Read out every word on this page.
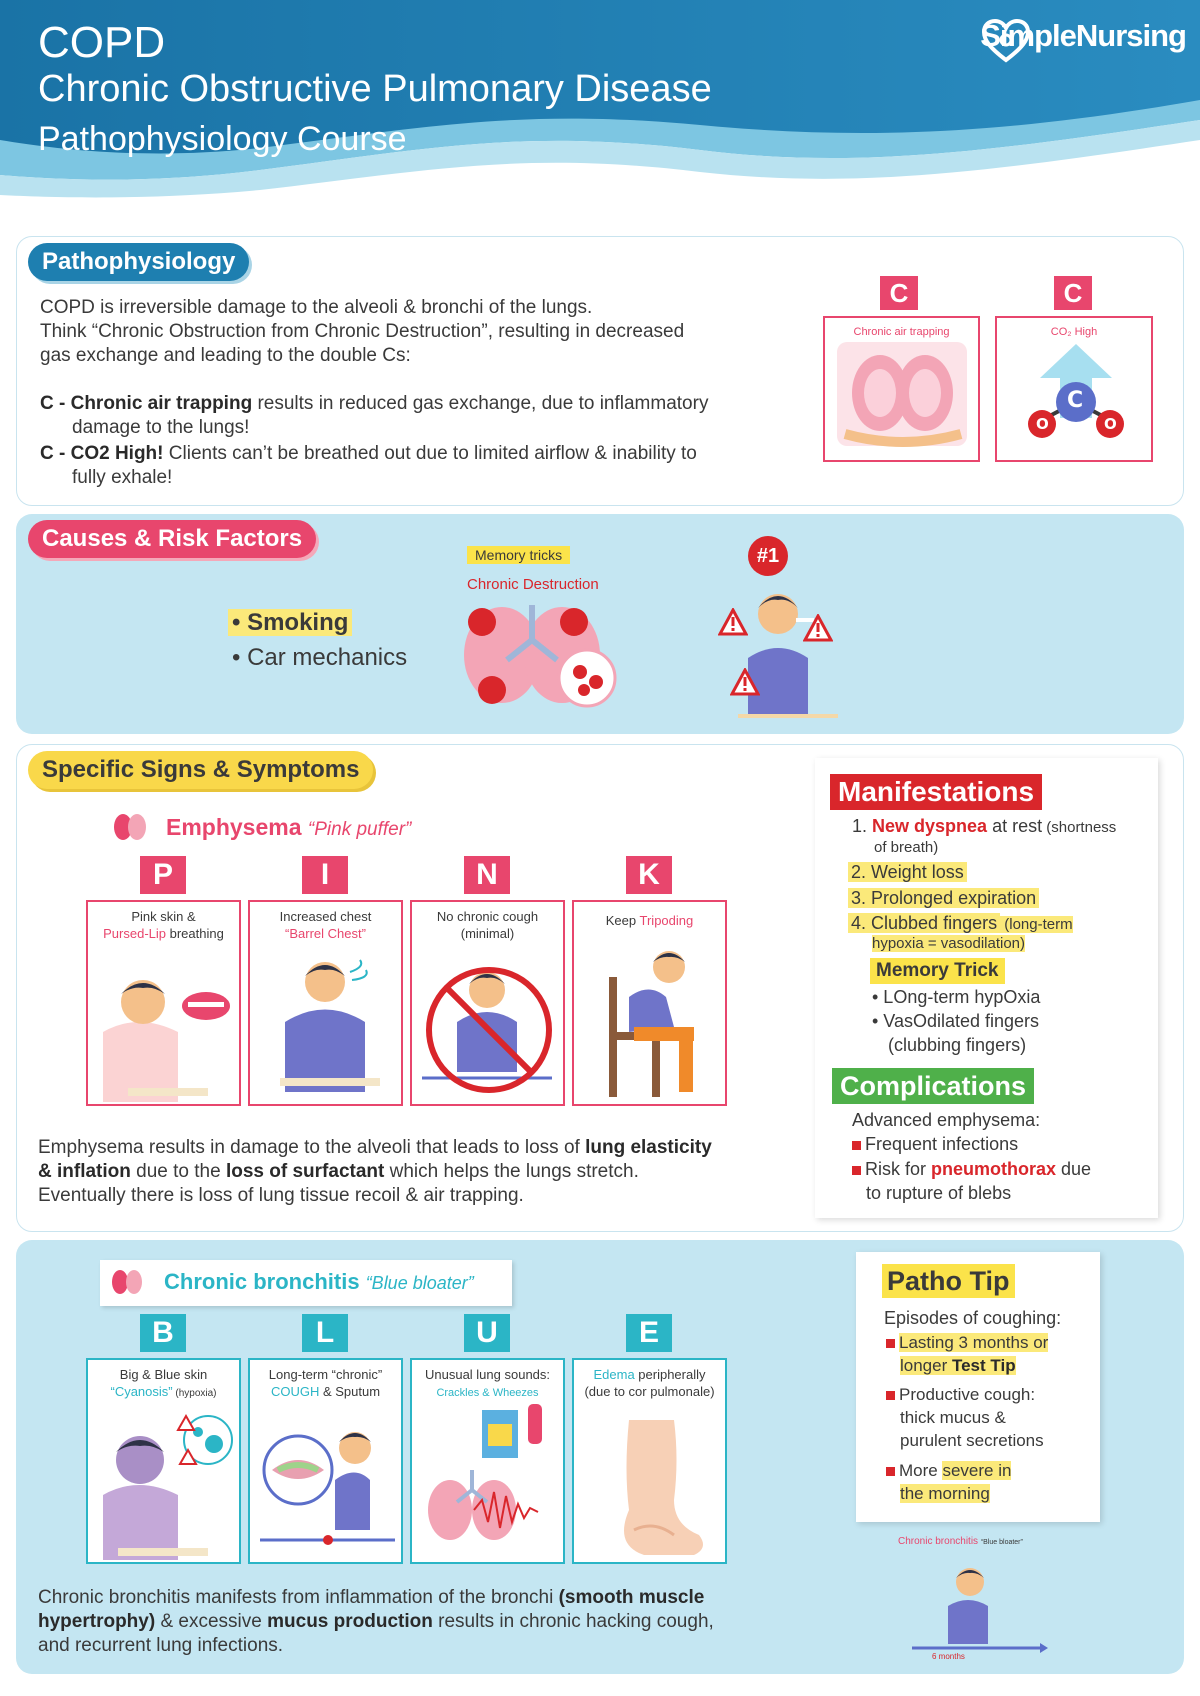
COPD
Chronic Obstructive Pulmonary Disease
Pathophysiology Course
SimpleNursing
Pathophysiology
COPD is irreversible damage to the alveoli & bronchi of the lungs.
Think “Chronic Obstruction from Chronic Destruction”, resulting in decreased
gas exchange and leading to the double Cs:
C - Chronic air trapping results in reduced gas exchange, due to inflammatory
damage to the lungs!
C - CO2 High! Clients can’t be breathed out due to limited airflow & inability to
fully exhale!
C
Chronic air trapping
C
CO₂ High
C
O	O
Causes & Risk Factors
• Smoking
• Car mechanics
Memory tricks
Chronic Destruction
#1
Specific Signs & Symptoms
Emphysema “Pink puffer”
P
Pink skin &
Pursed-Lip breathing
I
Increased chest
“Barrel Chest”
N
No chronic cough
(minimal)
K
Keep Tripoding
Emphysema results in damage to the alveoli that leads to loss of lung elasticity
& inflation due to the loss of surfactant which helps the lungs stretch.
Eventually there is loss of lung tissue recoil & air trapping.
Manifestations
1. New dyspnea at rest (shortness
of breath)
2. Weight loss
3. Prolonged expiration
4. Clubbed fingers (long-term
hypoxia = vasodilation)
Memory Trick
• LOng-term hypOxia
• VasOdilated fingers
(clubbing fingers)
Complications
Advanced emphysema:
Frequent infections
Risk for pneumothorax due
to rupture of blebs
Chronic bronchitis “Blue bloater”
B
Big & Blue skin
“Cyanosis” (hypoxia)
L
Long-term “chronic”
COUGH & Sputum
U
Unusual lung sounds:
Crackles & Wheezes
E
Edema peripherally
(due to cor pulmonale)
Chronic bronchitis manifests from inflammation of the bronchi (smooth muscle
hypertrophy) & excessive mucus production results in chronic hacking cough,
and recurrent lung infections.
Patho Tip
Episodes of coughing:
Lasting 3 months or
longer Test Tip
Productive cough:
thick mucus &
purulent secretions
More severe in
the morning
Chronic bronchitis “Blue bloater”
6 months
